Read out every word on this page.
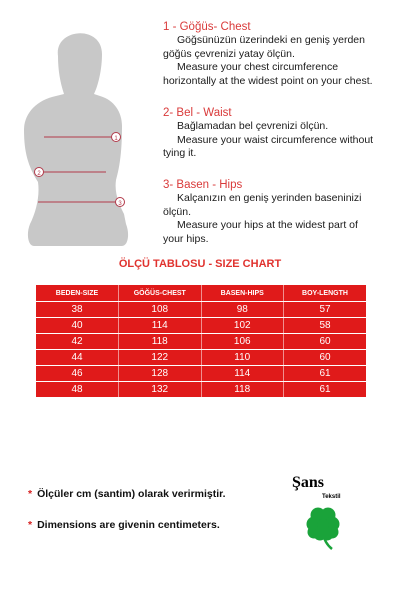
1
2
3
1 - Göğüs- Chest
Göğsünüzün üzerindeki en geniş yerden
göğüs çevrenizi yatay ölçün.
Measure your chest circumference
horizontally at the widest point on your chest.
2- Bel - Waist
Bağlamadan bel çevrenizi ölçün.
Measure your waist circumference without
tying it.
3- Basen - Hips
Kalçanızın en geniş yerinden baseninizi
ölçün.
Measure your hips at the widest part of
your hips.
ÖLÇÜ TABLOSU - SIZE CHART
BEDEN-SIZE	GÖĞÜS-CHEST	BASEN-HIPS	BOY-LENGTH
38	108	98	57
40	114	102	58
42	118	106	60
44	122	110	60
46	128	114	61
48	132	118	61
* Ölçüler cm (santim) olarak verirmiştir.
* Dimensions are givenin centimeters.
Şans
Tekstil
